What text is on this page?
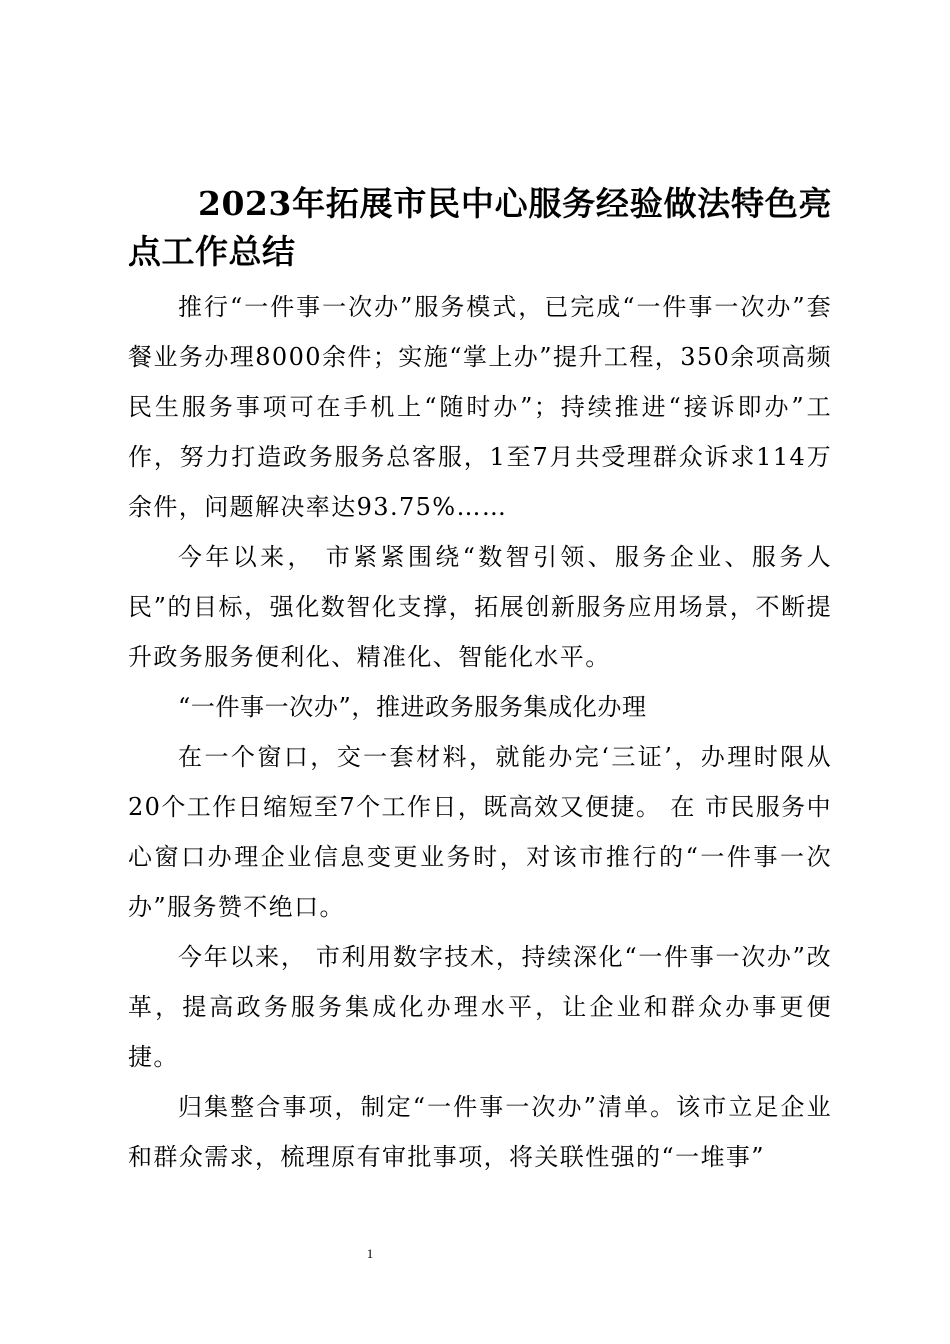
2023年拓展市民中心服务经验做法特色亮点工作总结

推行“一件事一次办”服务模式，已完成“一件事一次办”套餐业务办理8000余件；实施“掌上办”提升工程，350余项高频民生服务事项可在手机上“随时办”；持续推进“接诉即办”工作，努力打造政务服务总客服，1至7月共受理群众诉求114万余件，问题解决率达93.75%……

今年以来， 市紧紧围绕“数智引领、服务企业、服务人民”的目标，强化数智化支撑，拓展创新服务应用场景，不断提升政务服务便利化、精准化、智能化水平。

“一件事一次办”，推进政务服务集成化办理

在一个窗口，交一套材料，就能办完‘三证’，办理时限从20个工作日缩短至7个工作日，既高效又便捷。 在 市民服务中心窗口办理企业信息变更业务时，对该市推行的“一件事一次办”服务赞不绝口。

今年以来， 市利用数字技术，持续深化“一件事一次办”改革，提高政务服务集成化办理水平，让企业和群众办事更便捷。

归集整合事项，制定“一件事一次办”清单。该市立足企业和群众需求，梳理原有审批事项，将关联性强的“一堆事”

1
